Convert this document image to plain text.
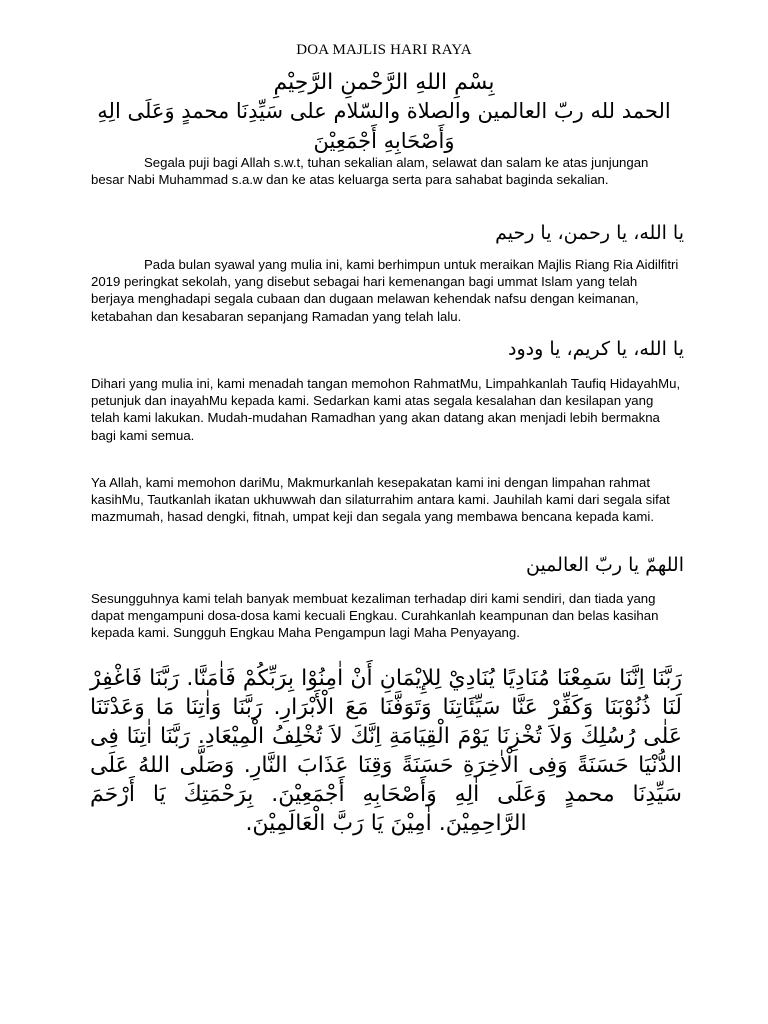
DOA MAJLIS HARI RAYA
بِسْمِ اللهِ الرَّحْمنِ الرَّحِيْمِ
الحمد لله ربّ العالمين والصلاة والسّلام على سَيِّدِنَا محمدٍ وَعَلَى الِهِ وَأَصْحَابِهِ أَجْمَعِيْنَ
Segala puji bagi Allah s.w.t, tuhan sekalian alam, selawat dan salam ke atas junjungan besar Nabi Muhammad s.a.w dan ke atas keluarga serta para sahabat baginda sekalian.
يا الله، يا رحمن، يا رحيم
Pada bulan syawal yang mulia ini, kami berhimpun untuk meraikan Majlis Riang Ria Aidilfitri 2019 peringkat sekolah, yang disebut sebagai hari kemenangan bagi ummat Islam yang telah berjaya menghadapi segala cubaan dan dugaan melawan kehendak nafsu dengan keimanan, ketabahan dan kesabaran sepanjang Ramadan yang telah lalu.
يا الله، يا كريم، يا ودود
Dihari yang mulia ini, kami menadah tangan memohon RahmatMu, Limpahkanlah Taufiq HidayahMu, petunjuk dan inayahMu kepada kami. Sedarkan kami atas segala kesalahan dan kesilapan yang telah kami lakukan. Mudah-mudahan Ramadhan yang akan datang akan menjadi lebih bermakna bagi kami semua.
Ya Allah, kami memohon dariMu, Makmurkanlah kesepakatan kami ini dengan limpahan rahmat kasihMu, Tautkanlah ikatan ukhuwwah dan silaturrahim antara kami. Jauhilah kami dari segala sifat mazmumah, hasad dengki, fitnah, umpat keji dan segala yang membawa bencana kepada kami.
اللهمّ يا ربّ العالمين
Sesungguhnya kami telah banyak membuat kezaliman terhadap diri kami sendiri, dan tiada yang dapat mengampuni dosa-dosa kami kecuali Engkau. Curahkanlah keampunan dan belas kasihan kepada kami. Sungguh Engkau Maha Pengampun lagi Maha Penyayang.
رَبَّنَا اِنَّنَا سَمِعْنَا مُنَادِيًا يُنَادِيْ لِلإِيْمَانِ أَنْ اٰمِنُوْا بِرَبِّكُمْ فَاٰمَنَّا. رَبَّنَا فَاغْفِرْ لَنَا ذُنُوْبَنَا وَكَفِّرْ عَنَّا سَيِّئَاتِنَا وَتَوَفَّنَا مَعَ الْأَبْرَارِ. رَبَّنَا وَاٰتِنَا مَا وَعَدْتَنَا عَلٰى رُسُلِكَ وَلاَ تُخْزِنَا يَوْمَ الْقِيَامَةِ اِنَّكَ لاَ تُخْلِفُ الْمِيْعَادِ. رَبَّنَا اٰتِنَا فِى الدُّنْيَا حَسَنَةً وَفِى الْاٰخِرَةِ حَسَنَةً وَقِنَا عَذَابَ النَّارِ. وَصَلَّى اللهُ عَلَى سَيِّدِنَا محمدٍ وَعَلَى اٰلِهِ وَأَصْحَابِهِ أَجْمَعِيْنَ. بِرَحْمَتِكَ يَا أَرْحَمَ الرَّاحِمِيْنَ. اٰمِيْنَ يَا رَبَّ الْعَالَمِيْنَ.
